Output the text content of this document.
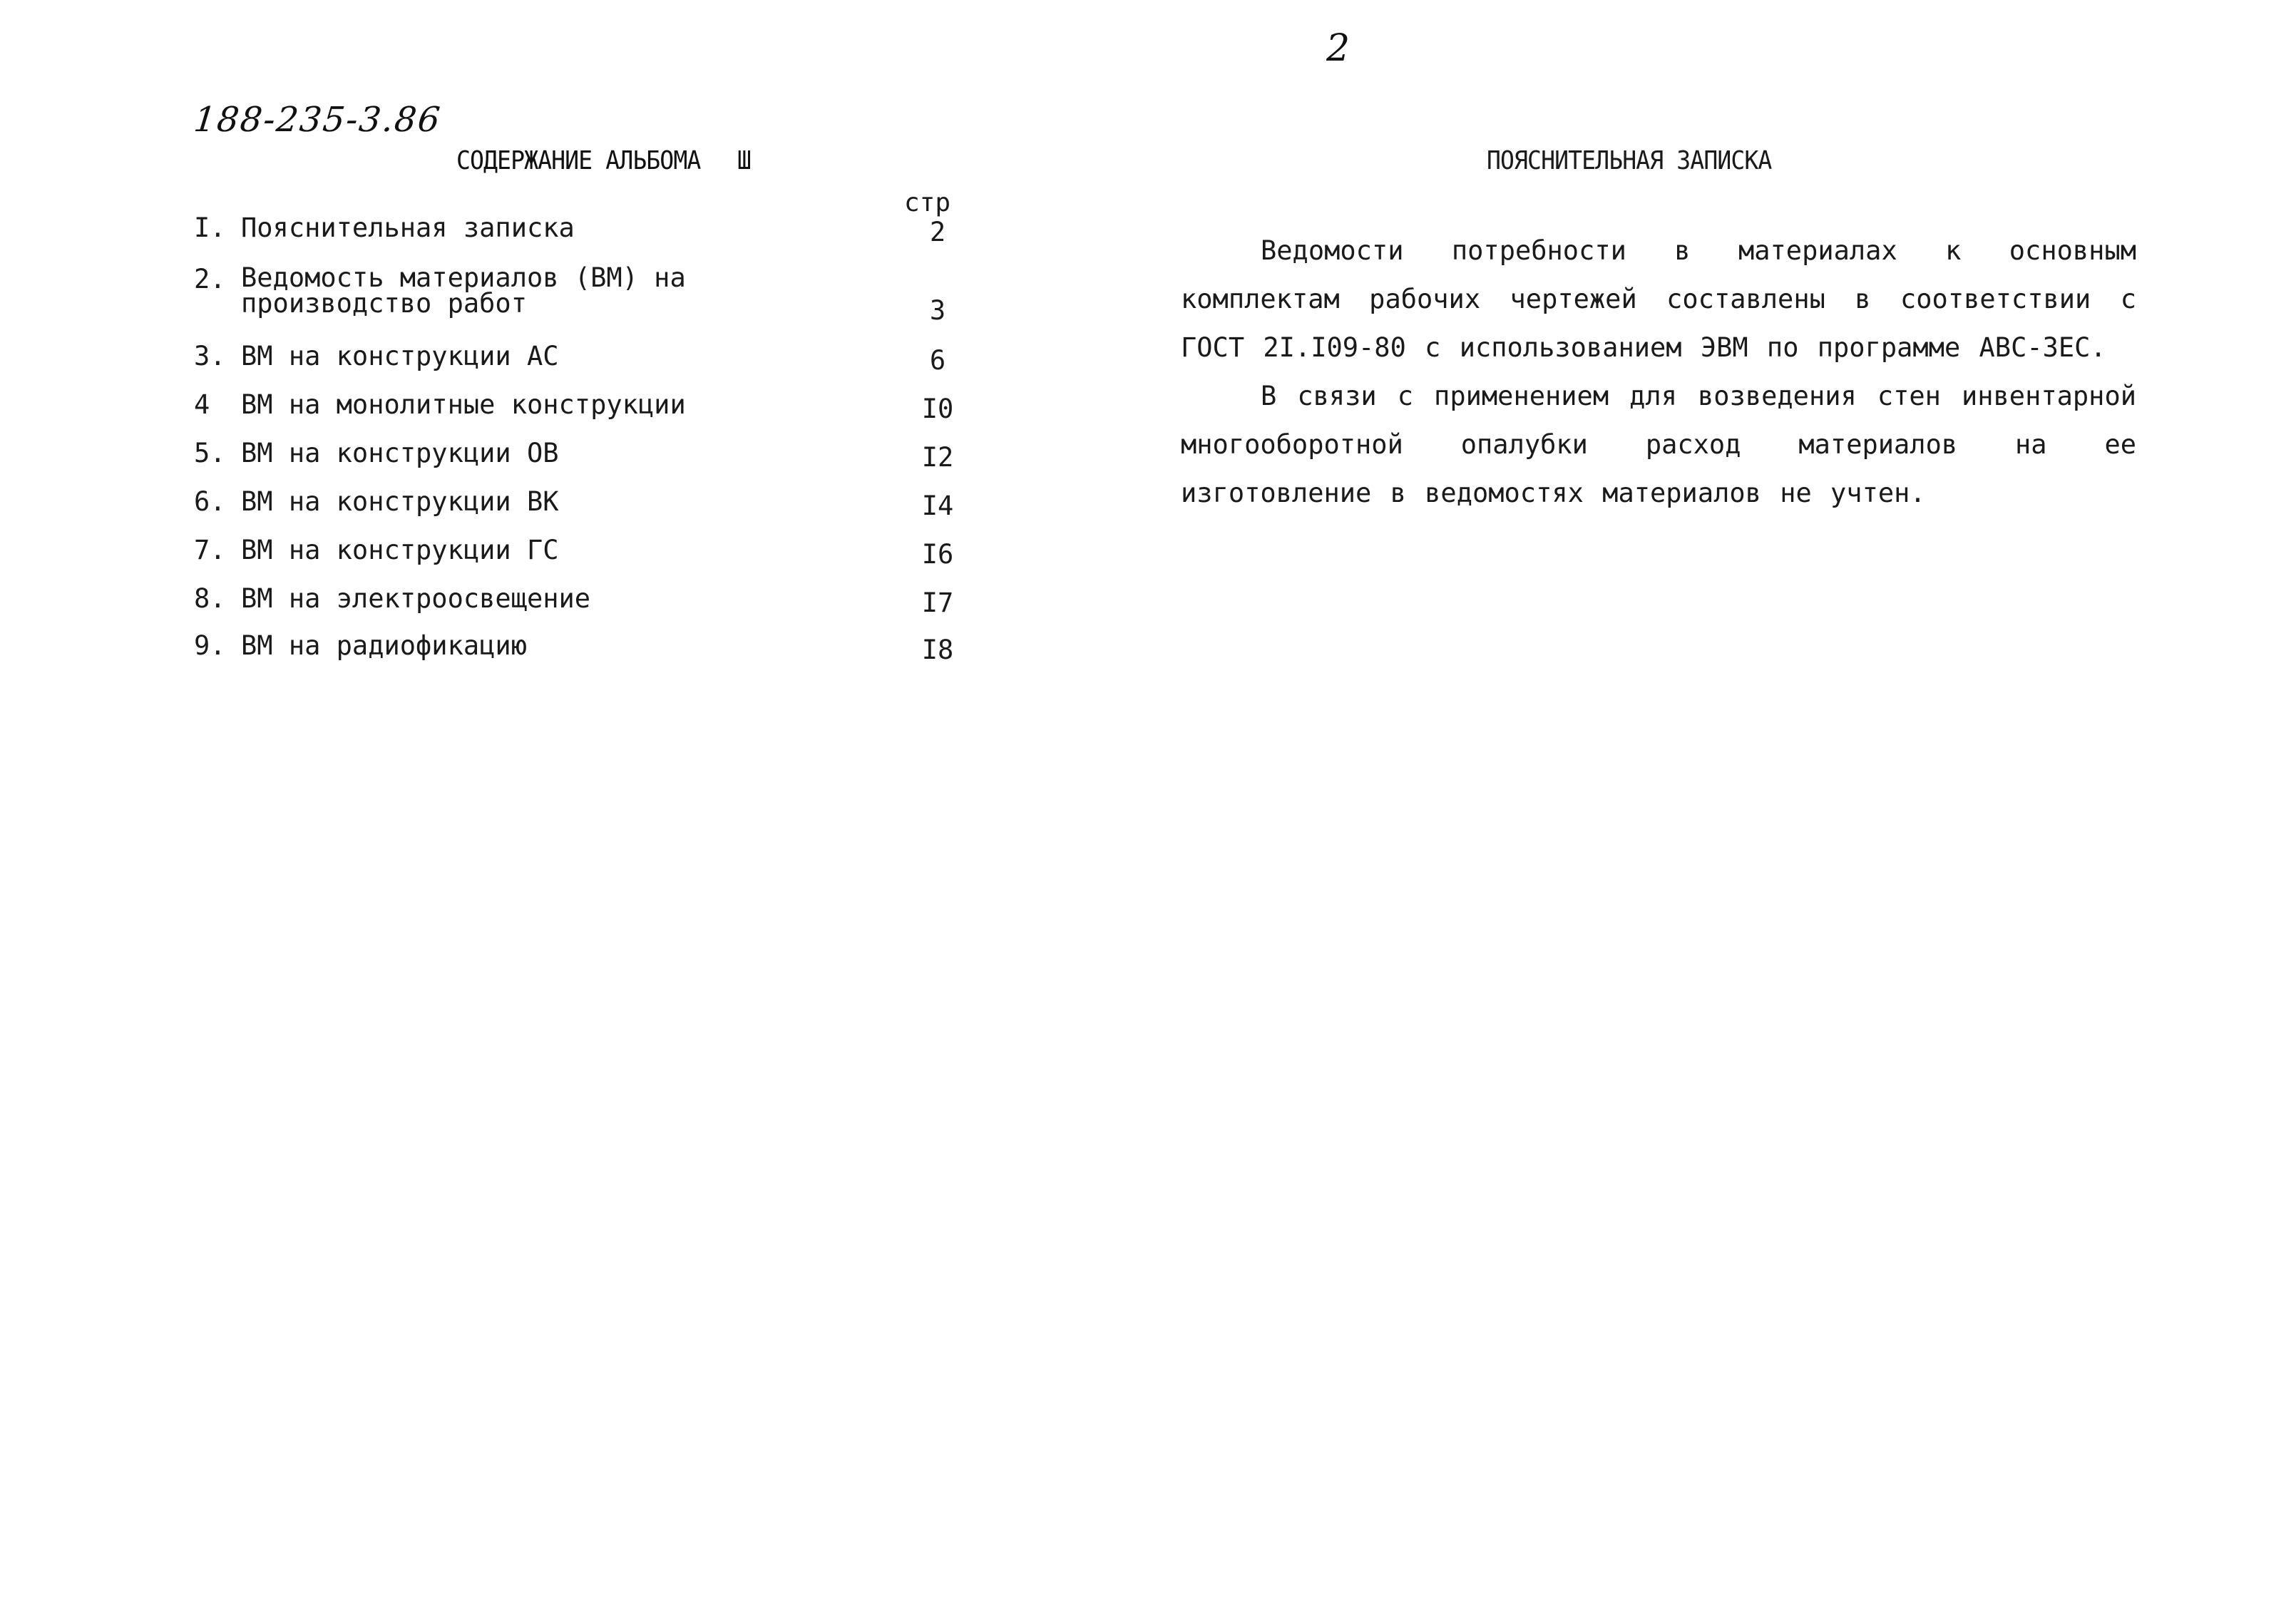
2
188-235-3.86
СОДЕРЖАНИЕ АЛЬБОМА Ш
стр
I. Пояснительная записка	2
2. Ведомость материалов (ВМ) на
производство работ	3
3. ВМ на конструкции АС	6
4	ВМ на монолитные конструкции	I0
5. ВМ на конструкции ОВ	I2
6. ВМ на конструкции ВК	I4
7. ВМ на конструкции ГС	I6
8. ВМ на электроосвещение	I7
9. ВМ на радиофикацию	I8
ПОЯСНИТЕЛЬНАЯ ЗАПИСКА

Ведомости потребности в материалах к основным комплектам рабочих чертежей составлены в соответствии с ГОСТ 2I.I09-80 с использованием ЭВМ по программе АВС-ЗЕС.

В связи с применением для возведения стен инвентарной многооборотной опалубки расход материалов на ее изготовление в ведомостях материалов не учтен.
